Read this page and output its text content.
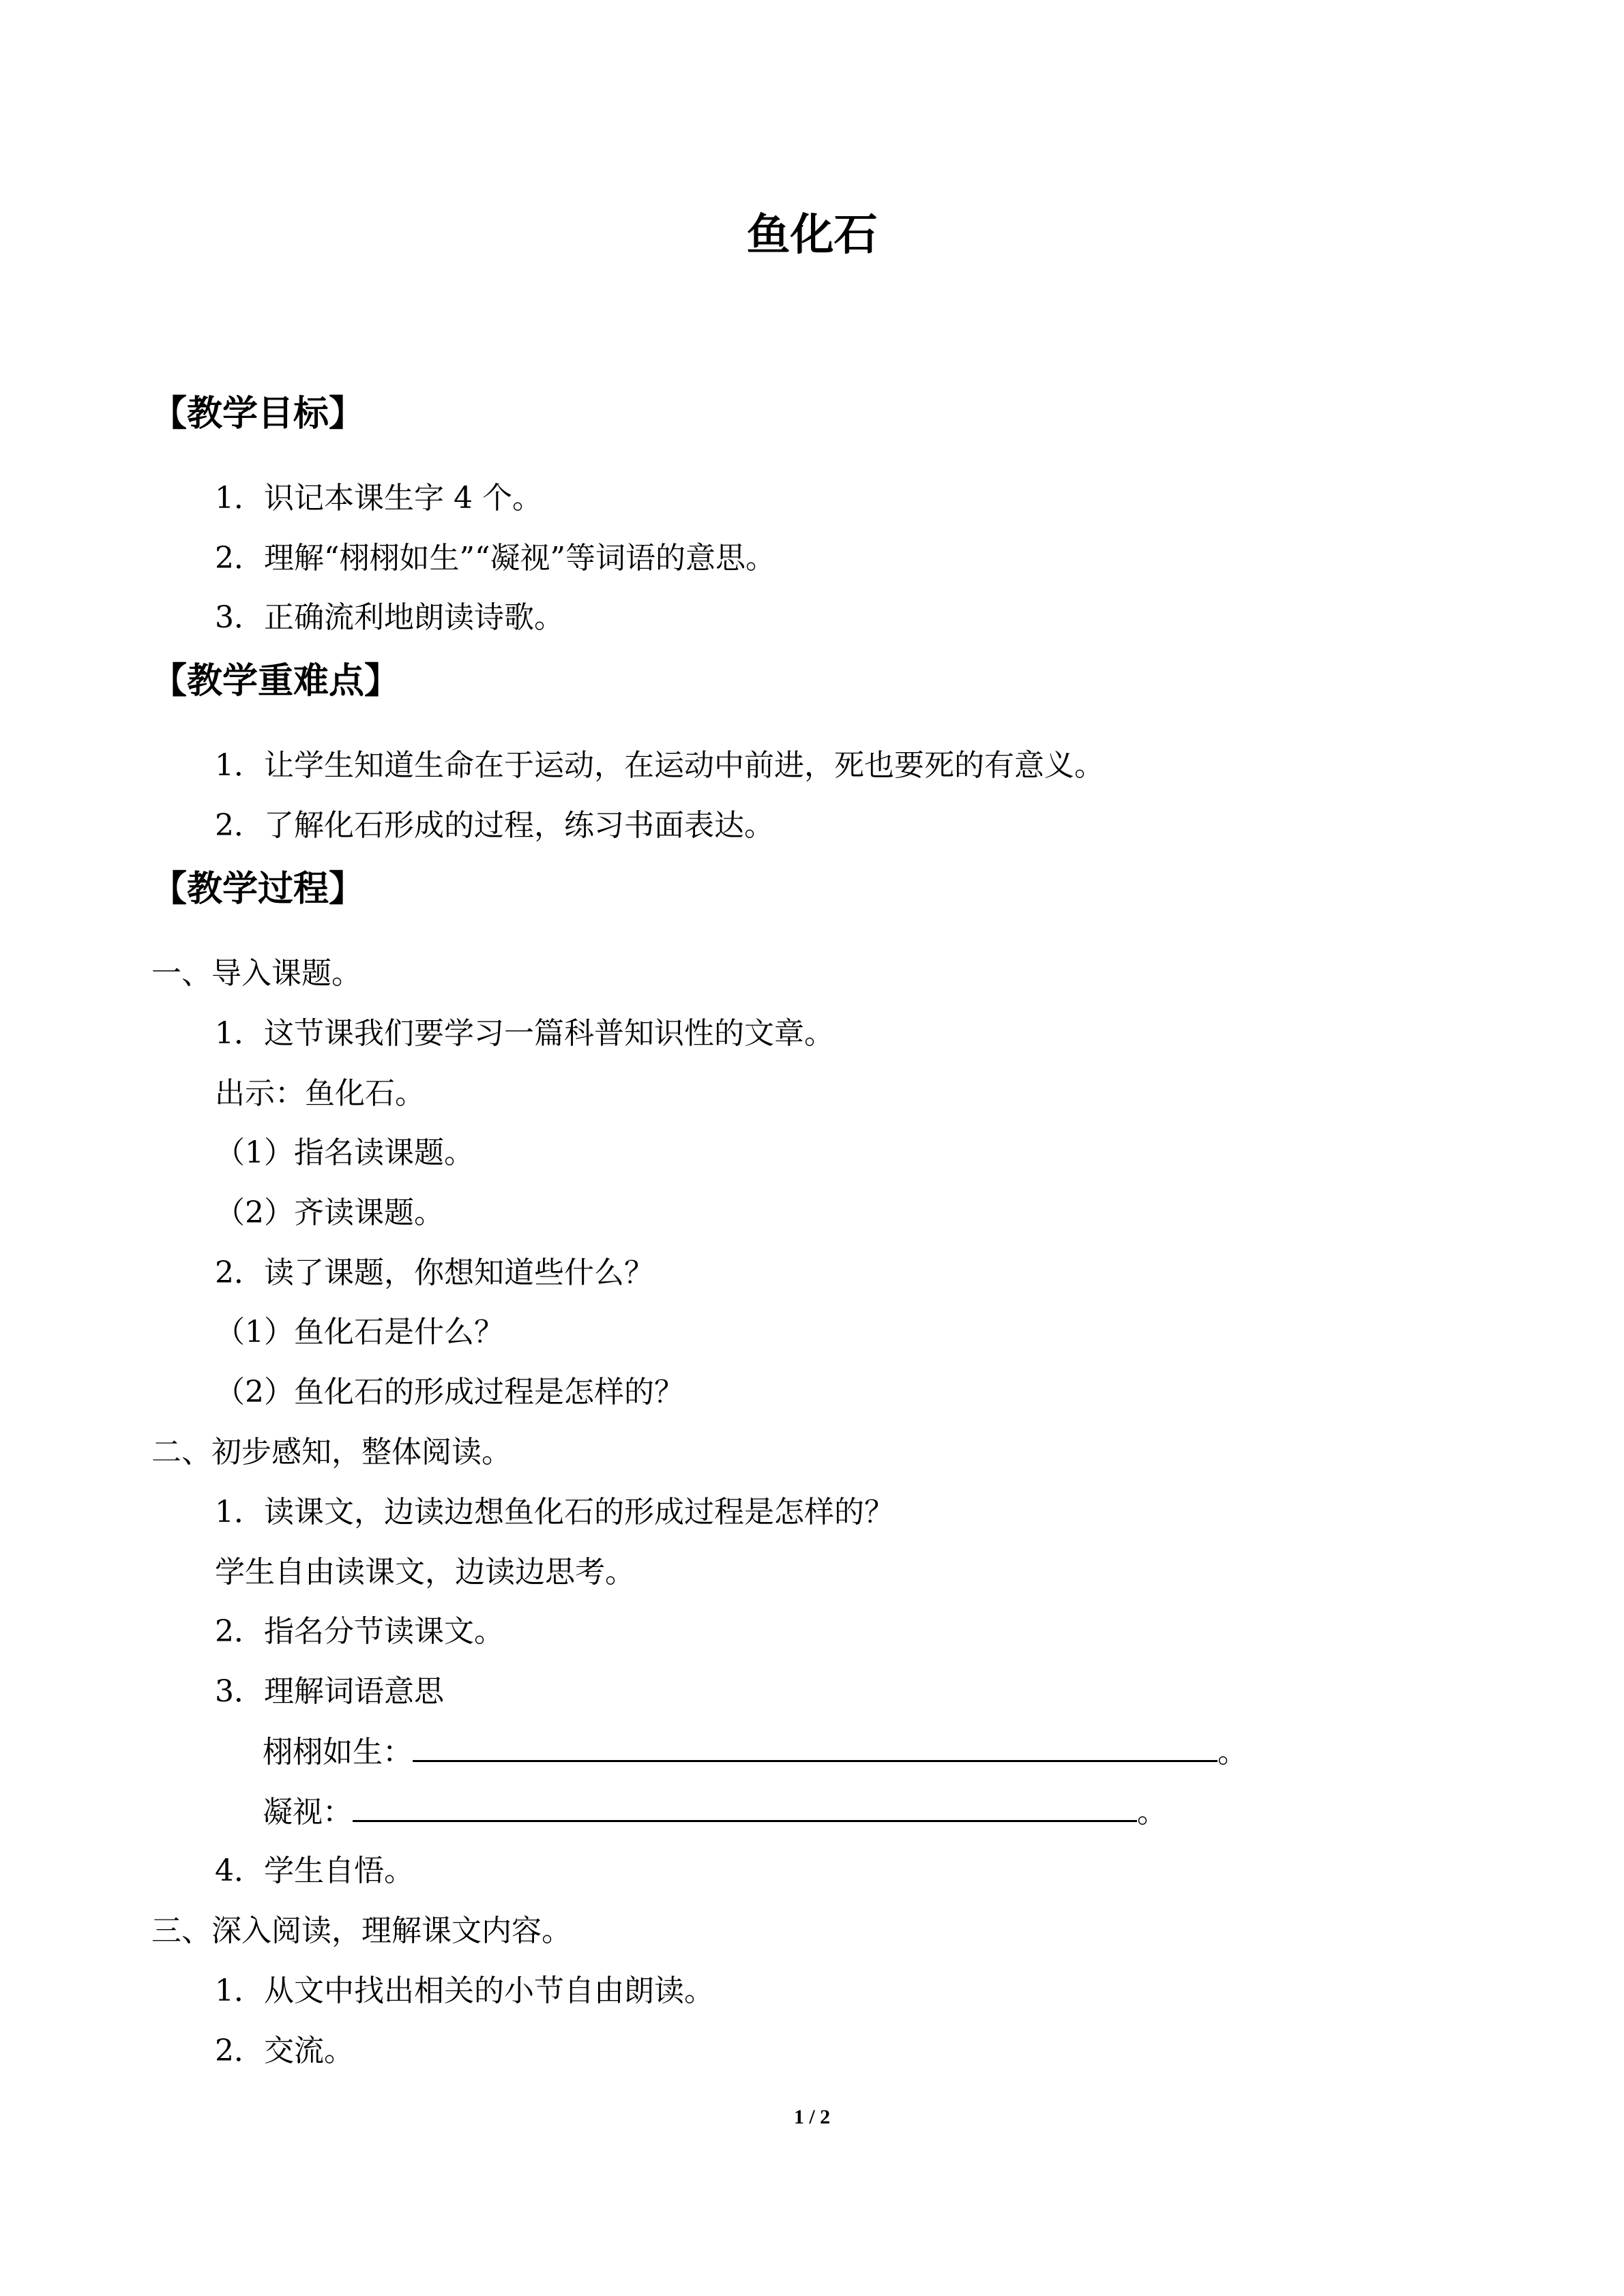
鱼化石
【教学目标】
1．识记本课生字 4 个。
2．理解“栩栩如生”“凝视”等词语的意思。
3．正确流利地朗读诗歌。
【教学重难点】
1．让学生知道生命在于运动，在运动中前进，死也要死的有意义。
2．了解化石形成的过程，练习书面表达。
【教学过程】
一、导入课题。
1．这节课我们要学习一篇科普知识性的文章。
出示：鱼化石。
（1）指名读课题。
（2）齐读课题。
2．读了课题，你想知道些什么？
（1）鱼化石是什么？
（2）鱼化石的形成过程是怎样的？
二、初步感知，整体阅读。
1．读课文，边读边想鱼化石的形成过程是怎样的？
学生自由读课文，边读边思考。
2．指名分节读课文。
3．理解词语意思
栩栩如生：	。
凝视：	。
4．学生自悟。
三、深入阅读，理解课文内容。
1．从文中找出相关的小节自由朗读。
2．交流。
1 / 2
